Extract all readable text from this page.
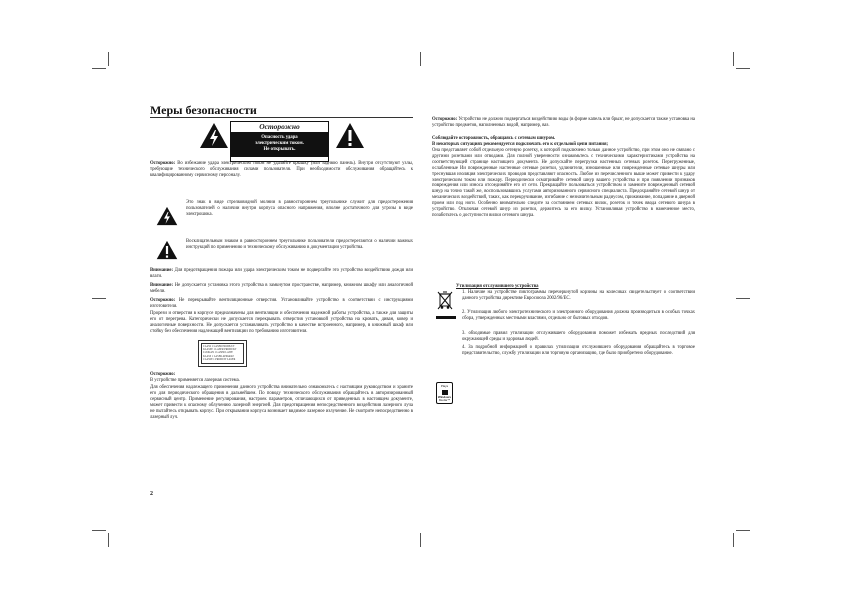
Меры безопасности
Осторожно
Опасность удара
электрическим током.
Не открывать.
Осторожно: Во избежание удара электрическим током не удаляйте крышку (или заднюю панель). Внутри отсутствуют узлы, требующие технического обслуживания силами пользователя. При необходимости обслуживания обращайтесь к квалифицированному сервисному персоналу.
Это знак в виде стрелковидной молнии в равностороннем треугольнике служит для предостережения пользователей о наличии внутри корпуса опасного напряжения, вполне достаточного для угрозы в виде электрошока.
Восклицательным знаком в равностороннем треугольнике пользователи предостерегаются о наличии важных инструкций по применению и техническому обслуживанию в документации устройства.
Внимание: Для предотвращения пожара или удара электрическим током не подвергайте это устройство воздействию дождя или влаги.
Внимание: Не допускается установка этого устройства в замкнутом пространстве, например, книжном шкафу или аналогичной мебели.
Осторожно: Не перекрывайте вентиляционные отверстия. Установливайте устройство в соответствии с инструкциями изготовителя.
Прорези и отверстия в корпусе предназначены для вентиляции и обеспечения надежной работы устройства, а также для защиты его от перегрева. Категорически не допускается перекрывать отверстия установкой устройства на кровать, диван, ковер и аналогичные поверхности. Не допускается устанавливать устройство в качестве встроенного, например, в книжный шкаф или стойку без обеспечения надлежащей вентиляции по требованию изготовителя.
CLASS 1 LASER PRODUCT
KLASSE 1 LASER PRODUKT
LUOKAN 1 LASER LAITE
KLASS 1 LASER APPARAT
CLASSE 1 PRODUIT LASER
Осторожно:
В устройстве применяется лазерная система.
Для обеспечения надлежащего применения данного устройства внимательно ознакомьтесь с настоящим руководством и храните его для периодического обращения в дальнейшем. По поводу технического обслуживания обращайтесь в авторизированный сервисный центр. Применение регулирования, настроек параметров, отличающихся от приведенных в настоящем документе, может привести к опасному облучению лазерной энергией. Для предотвращения непосредственного воздействия лазерного луча не пытайтесь открывать корпус. При открывании корпуса возникает видимое лазерное излучение. Не смотрите непосредственно в лазерный луч.
2
Осторожно: Устройство не должно подвергаться воздействию воды (в форме капель или брызг, не допускается также установка на устройство предметов, наполненных водой, например, ваз.
Соблюдайте осторожность, обращаясь с сетевым шнуром.
В некоторых ситуациях рекомендуется подключать его к отдельной цепи питания;
Она представляет собой отдельную сетевую розетку, к которой подключено только данное устройство, при этом оно не связано с другими розетками или отводами. Для полной уверенности ознакомьтесь с техническими характеристиками устройства на соответствующей странице настоящего документа. Не допускайте перегрузки настенных сетевых розеток. Перегруженные, ослабленные Ии поврежденные настенные сетевые розетки, удлинители, изношенные или поврежденные сетевые шнуры или треснувшая изоляция электрических проводов представляют опасность. Любое из перечисленного выше может привести к удару электрическим током или пожару. Периодически осматривайте сетевой шнур вашего устройства и при появлении признаков повреждения или износа отсоединяйте его от сети. Прекращайте пользоваться устройством и замените поврежденный сетевой шнур на точно такой же, воспользовавшись услугами авторизованного сервисного специалиста. Предохраняйте сетевой шнур от механических воздействий, таких, как перекручивание, изгибание с незначительным радиусом, прижимание, попадание в дверной проем или под ноги. Особенно внимательно следите за состоянием сетевых вилок, розеток и точек ввода сетевого шнура в устройство. Отключая сетевой шнур из розетки, держитесь за его вилку. Установливая устройство в намеченное место, позаботьтесь о доступности вилки сетевого шнура.
Утилизация отслужившего устройства
1. Наличие на устройстве пиктограммы перечеркнутой корзины на колесиках свидетельствует о соответствии данного устройства директиве Евросоюза 2002/96/ЕС.
2. Утилизация любого электротехнического и электронного оборудования должна производиться в особых точках сбора, утвержденных местными властями, отдельно от бытовых отходов.
3. обходимые правил утилизации отслужившего оборудования поможет избежать вредных последствий для окружающей среды и здоровья людей.
4. За подробной информацией о правилах утилизации отслужившего оборудования обращайтесь в торговое представительство, службу утилизации или торговую организацию, где было приобретено оборудование.
Plays
Windows
Media™
